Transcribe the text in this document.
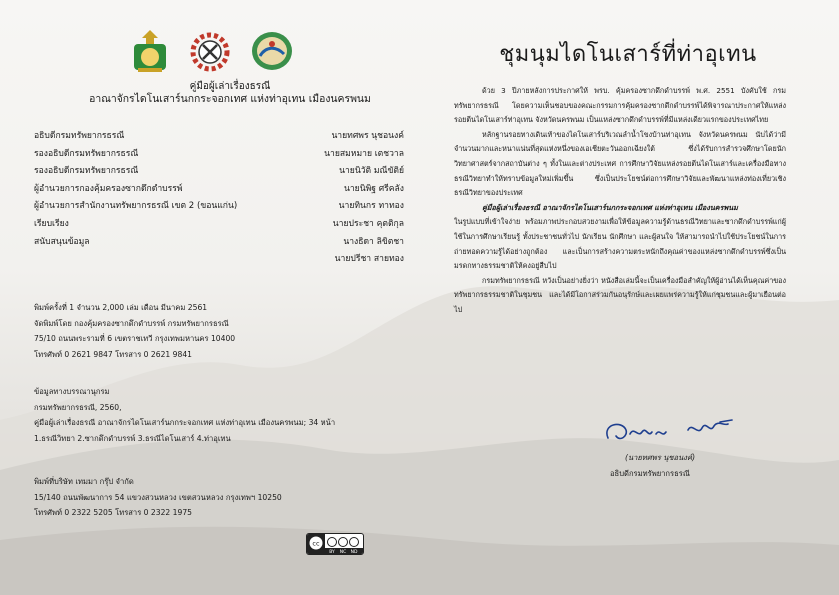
คู่มือผู้เล่าเรื่องธรณี
อาณาจักรไดโนเสาร์นกกระจอกเทศ แห่งท่าอุเทน เมืองนครพนม
อธิบดีกรมทรัพยากรธรณี	นายทศพร นุชอนงค์
รองอธิบดีกรมทรัพยากรธรณี	นายสมหมาย เตชวาล
รองอธิบดีกรมทรัพยากรธรณี	นายนิวัติ มณีขัติย์
ผู้อำนวยการกองคุ้มครองซากดึกดำบรรพ์	นายนิพิฐ ศรีคลัง
ผู้อำนวยการสำนักงานทรัพยากรธรณี เขต 2 (ขอนแก่น)	นายทินกร ทาทอง
เรียบเรียง	นายประชา คุตติกุล
สนับสนุนข้อมูล	นางธิดา ลิขิตชา
นายปรีชา สายทอง
พิมพ์ครั้งที่ 1 จำนวน 2,000 เล่ม เดือน มีนาคม 2561
จัดพิมพ์โดย กองคุ้มครองซากดึกดำบรรพ์ กรมทรัพยากรธรณี
75/10 ถนนพระรามที่ 6 เขตราชเทวี กรุงเทพมหานคร 10400
โทรศัพท์ 0 2621 9847 โทรสาร 0 2621 9841
ข้อมูลทางบรรณานุกรม
กรมทรัพยากรธรณี, 2560,
คู่มือผู้เล่าเรื่องธรณี อาณาจักรไดโนเสาร์นกกระจอกเทศ แห่งท่าอุเทน เมืองนครพนม; 34 หน้า
1.ธรณีวิทยา 2.ซากดึกดำบรรพ์ 3.ธรณีไดโนเสาร์ 4.ท่าอุเทน
พิมพ์ที่บริษัท เทมมา กรุ๊ป จำกัด
15/140 ถนนพัฒนาการ 54 แขวงสวนหลวง เขตสวนหลวง กรุงเทพฯ 10250
โทรศัพท์ 0 2322 5205 โทรสาร 0 2322 1975
cc
BY NC ND
ชุมนุมไดโนเสาร์ที่ท่าอุเทน

ด้วย 3 ปีภายหลังการประกาศให้ พรบ. คุ้มครองซากดึกดำบรรพ์ พ.ศ. 2551 บังคับใช้ กรมทรัพยากรธรณี โดยความเห็นชอบของคณะกรรมการคุ้มครองซากดึกดำบรรพ์ได้พิจารณาประกาศให้แหล่งรอยตีนไดโนเสาร์ท่าอุเทน จังหวัดนครพนม เป็นแหล่งซากดึกดำบรรพ์ที่มีแหล่งเดียวแรกของประเทศไทย

หลักฐานรอยทางเดินเท้าของไดโนเสาร์บริเวณลำน้ำโขงบ้านท่าอุเทน จังหวัดนครพนม นับได้ว่ามีจำนวนมากและหนาแน่นที่สุดแห่งหนึ่งของเอเชียตะวันออกเฉียงใต้ ซึ่งได้รับการสำรวจศึกษาโดยนักวิทยาศาสตร์จากสถาบันต่าง ๆ ทั้งในและต่างประเทศ การศึกษาวิจัยแหล่งรอยตีนไดโนเสาร์และเครื่องมือทางธรณีวิทยาทำให้ทราบข้อมูลใหม่เพิ่มขึ้น ซึ่งเป็นประโยชน์ต่อการศึกษาวิจัยและพัฒนาแหล่งท่องเที่ยวเชิงธรณีวิทยาของประเทศ

คู่มือผู้เล่าเรื่องธรณี อาณาจักรไดโนเสาร์นกกระจอกเทศ แห่งท่าอุเทน เมืองนครพนม

ในรูปแบบที่เข้าใจง่าย พร้อมภาพประกอบสวยงามเพื่อให้ข้อมูลความรู้ด้านธรณีวิทยาและซากดึกดำบรรพ์แก่ผู้ใช้ในการศึกษาเรียนรู้ ทั้งประชาชนทั่วไป นักเรียน นักศึกษา และผู้สนใจ ให้สามารถนำไปใช้ประโยชน์ในการถ่ายทอดความรู้ได้อย่างถูกต้อง และเป็นการสร้างความตระหนักถึงคุณค่าของแหล่งซากดึกดำบรรพ์ซึ่งเป็นมรดกทางธรรมชาติให้คงอยู่สืบไป

กรมทรัพยากรธรณี หวังเป็นอย่างยิ่งว่า หนังสือเล่มนี้จะเป็นเครื่องมือสำคัญให้ผู้อ่านได้เห็นคุณค่าของทรัพยากรธรรมชาติในชุมชน และได้มีโอกาสร่วมกันอนุรักษ์และเผยแพร่ความรู้ให้แก่ชุมชนและผู้มาเยือนต่อไป

(นายทศพร นุชอนงค์)
อธิบดีกรมทรัพยากรธรณี
